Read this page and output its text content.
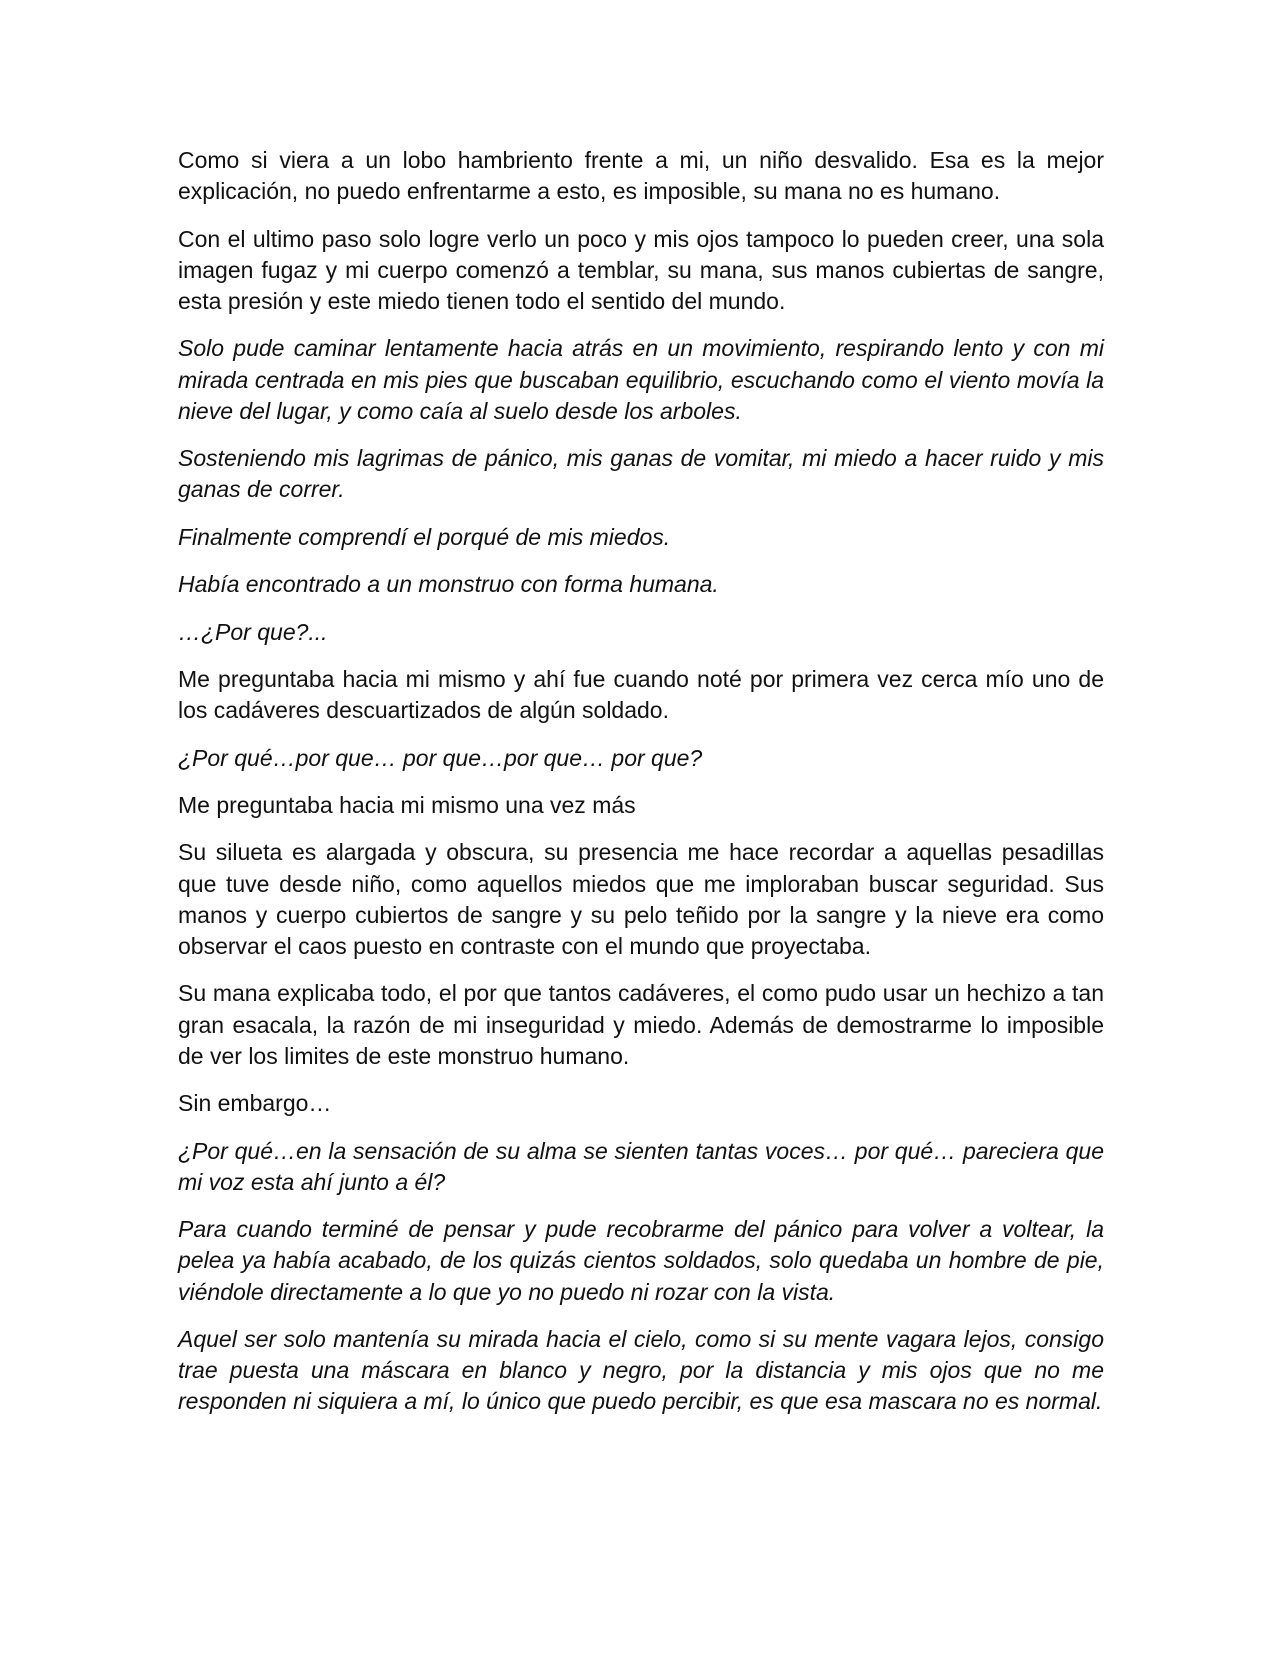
Como si viera a un lobo hambriento frente a mi, un niño desvalido. Esa es la mejor explicación, no puedo enfrentarme a esto, es imposible, su mana no es humano.

Con el ultimo paso solo logre verlo un poco y mis ojos tampoco lo pueden creer, una sola imagen fugaz y mi cuerpo comenzó a temblar, su mana, sus manos cubiertas de sangre, esta presión y este miedo tienen todo el sentido del mundo.

Solo pude caminar lentamente hacia atrás en un movimiento, respirando lento y con mi mirada centrada en mis pies que buscaban equilibrio, escuchando como el viento movía la nieve del lugar, y como caía al suelo desde los arboles.

Sosteniendo mis lagrimas de pánico, mis ganas de vomitar, mi miedo a hacer ruido y mis ganas de correr.

Finalmente comprendí el porqué de mis miedos.

Había encontrado a un monstruo con forma humana.

…¿Por que?...

Me preguntaba hacia mi mismo y ahí fue cuando noté por primera vez cerca mío uno de los cadáveres descuartizados de algún soldado.

¿Por qué…por que… por que…por que… por que?

Me preguntaba hacia mi mismo una vez más

Su silueta es alargada y obscura, su presencia me hace recordar a aquellas pesadillas que tuve desde niño, como aquellos miedos que me imploraban buscar seguridad. Sus manos y cuerpo cubiertos de sangre y su pelo teñido por la sangre y la nieve era como observar el caos puesto en contraste con el mundo que proyectaba.

Su mana explicaba todo, el por que tantos cadáveres, el como pudo usar un hechizo a tan gran esacala, la razón de mi inseguridad y miedo. Además de demostrarme lo imposible de ver los limites de este monstruo humano.

Sin embargo…

¿Por qué…en la sensación de su alma se sienten tantas voces… por qué… pareciera que mi voz esta ahí junto a él?

Para cuando terminé de pensar y pude recobrarme del pánico para volver a voltear, la pelea ya había acabado, de los quizás cientos soldados, solo quedaba un hombre de pie, viéndole directamente a lo que yo no puedo ni rozar con la vista.

Aquel ser solo mantenía su mirada hacia el cielo, como si su mente vagara lejos, consigo trae puesta una máscara en blanco y negro, por la distancia y mis ojos que no me responden ni siquiera a mí, lo único que puedo percibir, es que esa mascara no es normal.
